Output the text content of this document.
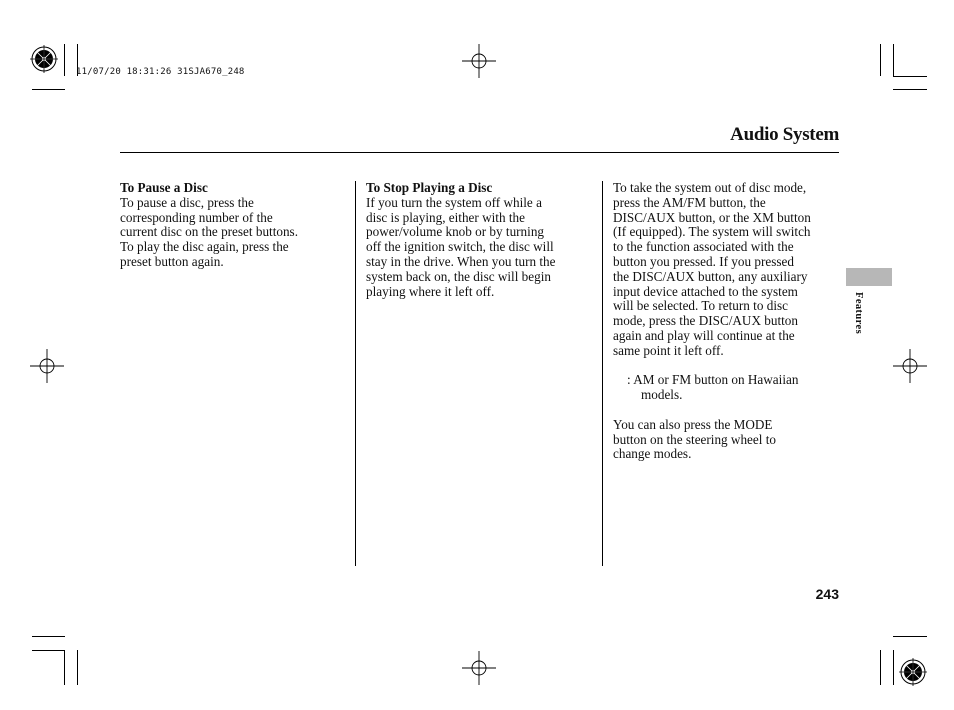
11/07/20 18:31:26 31SJA670_248
Audio System

To Pause a Disc

To pause a disc, press the

corresponding number of the

current disc on the preset buttons.

To play the disc again, press the

preset button again.

To Stop Playing a Disc

If you turn the system off while a

disc is playing, either with the

power/volume knob or by turning

off the ignition switch, the disc will

stay in the drive. When you turn the

system back on, the disc will begin

playing where it left off.

To take the system out of disc mode,

press the AM/FM button, the

DISC/AUX button, or the XM button

(If equipped). The system will switch

to the function associated with the

button you pressed. If you pressed

the DISC/AUX button, any auxiliary

input device attached to the system

will be selected. To return to disc

mode, press the DISC/AUX button

again and play will continue at the

same point it left off.

: AM or FM button on Hawaiian

models.

You can also press the MODE

button on the steering wheel to

change modes.

Features
243
